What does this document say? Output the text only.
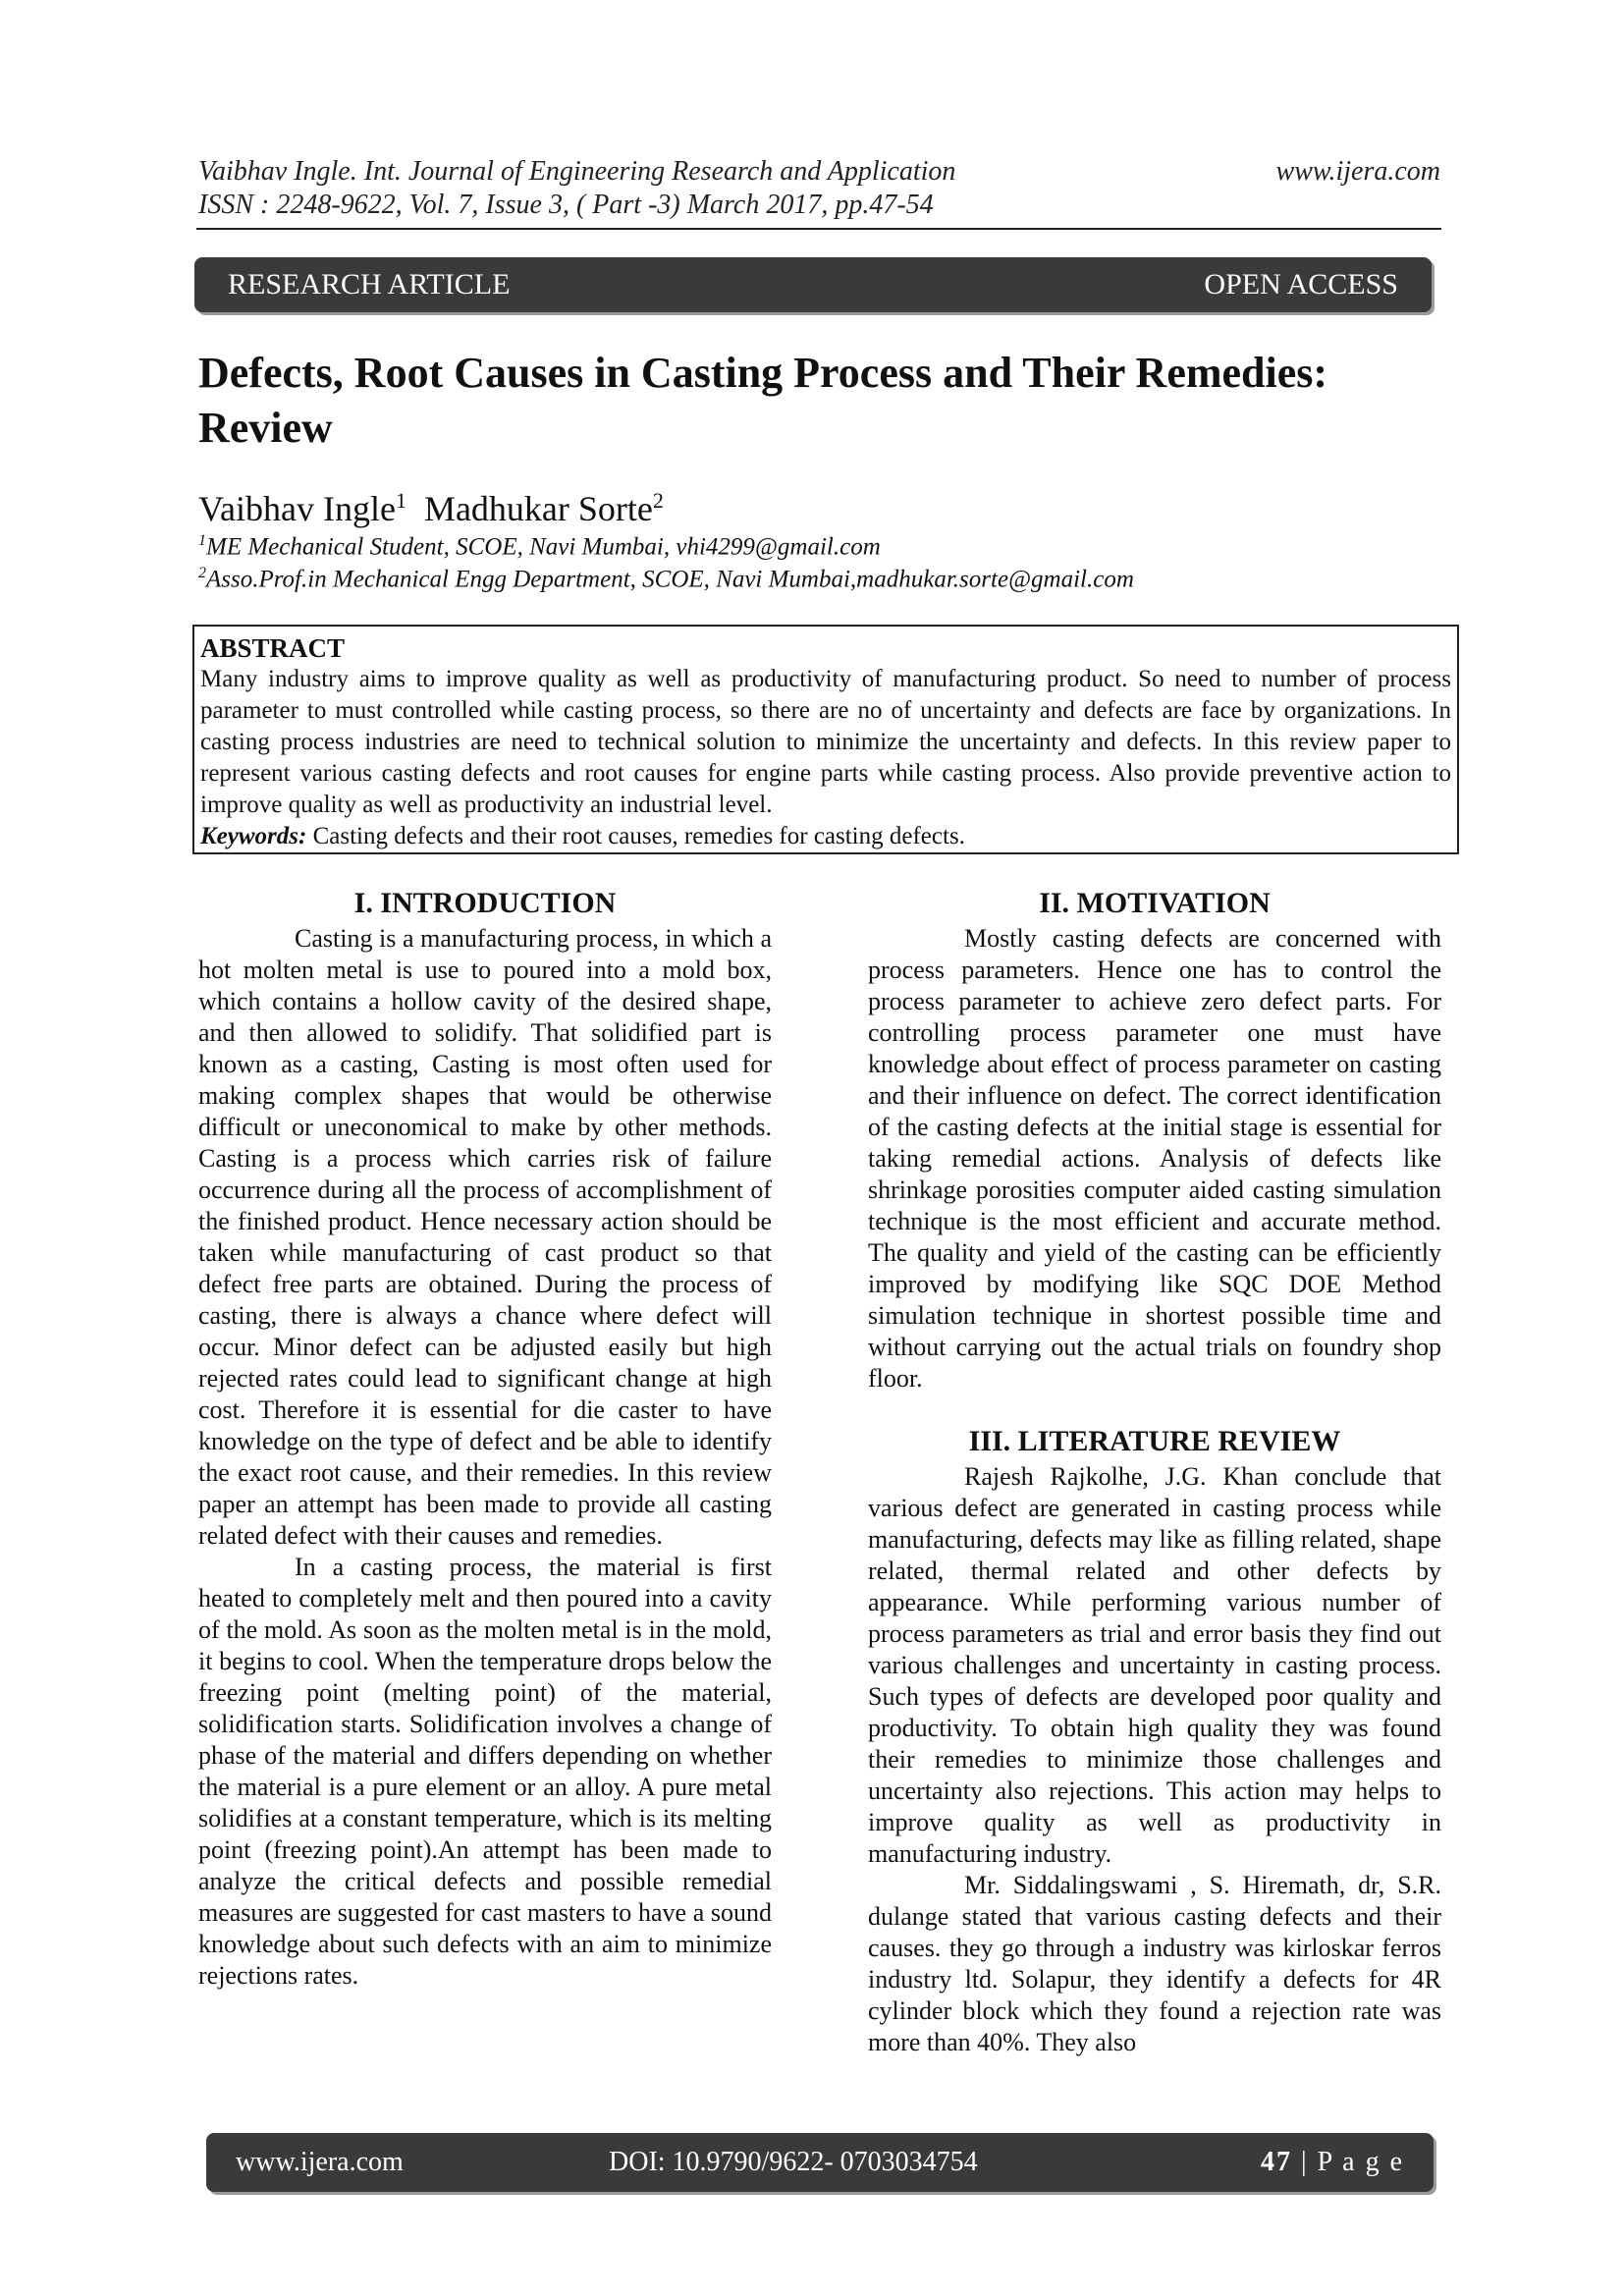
Vaibhav Ingle. Int. Journal of Engineering Research and Application	www.ijera.com
ISSN : 2248-9622, Vol. 7, Issue 3, ( Part -3) March 2017, pp.47-54
RESEARCH ARTICLE	OPEN ACCESS
Defects, Root Causes in Casting Process and Their Remedies: Review
Vaibhav Ingle$^1$ Madhukar Sorte$^2$
$^1$ME Mechanical Student, SCOE, Navi Mumbai, vhi4299@gmail.com
$^2$Asso.Prof.in Mechanical Engg Department, SCOE, Navi Mumbai,madhukar.sorte@gmail.com
ABSTRACT
Many industry aims to improve quality as well as productivity of manufacturing product. So need to number of process parameter to must controlled while casting process, so there are no of uncertainty and defects are face by organizations. In casting process industries are need to technical solution to minimize the uncertainty and defects. In this review paper to represent various casting defects and root causes for engine parts while casting process. Also provide preventive action to improve quality as well as productivity an industrial level.
Keywords: Casting defects and their root causes, remedies for casting defects.
I. INTRODUCTION

Casting is a manufacturing process, in which a hot molten metal is use to poured into a mold box, which contains a hollow cavity of the desired shape, and then allowed to solidify. That solidified part is known as a casting, Casting is most often used for making complex shapes that would be otherwise difficult or uneconomical to make by other methods. Casting is a process which carries risk of failure occurrence during all the process of accomplishment of the finished product. Hence necessary action should be taken while manufacturing of cast product so that defect free parts are obtained. During the process of casting, there is always a chance where defect will occur. Minor defect can be adjusted easily but high rejected rates could lead to significant change at high cost. Therefore it is essential for die caster to have knowledge on the type of defect and be able to identify the exact root cause, and their remedies. In this review paper an attempt has been made to provide all casting related defect with their causes and remedies.

In a casting process, the material is first heated to completely melt and then poured into a cavity of the mold. As soon as the molten metal is in the mold, it begins to cool. When the temperature drops below the freezing point (melting point) of the material, solidification starts. Solidification involves a change of phase of the material and differs depending on whether the material is a pure element or an alloy. A pure metal solidifies at a constant temperature, which is its melting point (freezing point).An attempt has been made to analyze the critical defects and possible remedial measures are suggested for cast masters to have a sound knowledge about such defects with an aim to minimize rejections rates.

II. MOTIVATION

Mostly casting defects are concerned with process parameters. Hence one has to control the process parameter to achieve zero defect parts. For controlling process parameter one must have knowledge about effect of process parameter on casting and their influence on defect. The correct identification of the casting defects at the initial stage is essential for taking remedial actions. Analysis of defects like shrinkage porosities computer aided casting simulation technique is the most efficient and accurate method. The quality and yield of the casting can be efficiently improved by modifying like SQC DOE Method simulation technique in shortest possible time and without carrying out the actual trials on foundry shop floor.

III. LITERATURE REVIEW

Rajesh Rajkolhe, J.G. Khan conclude that various defect are generated in casting process while manufacturing, defects may like as filling related, shape related, thermal related and other defects by appearance. While performing various number of process parameters as trial and error basis they find out various challenges and uncertainty in casting process. Such types of defects are developed poor quality and productivity. To obtain high quality they was found their remedies to minimize those challenges and uncertainty also rejections. This action may helps to improve quality as well as productivity in manufacturing industry.

Mr. Siddalingswami , S. Hiremath, dr, S.R. dulange stated that various casting defects and their causes. they go through a industry was kirloskar ferros industry ltd. Solapur, they identify a defects for 4R cylinder block which they found a rejection rate was more than 40%. They also

www.ijera.com	DOI: 10.9790/9622- 0703034754	47 | P a g e
